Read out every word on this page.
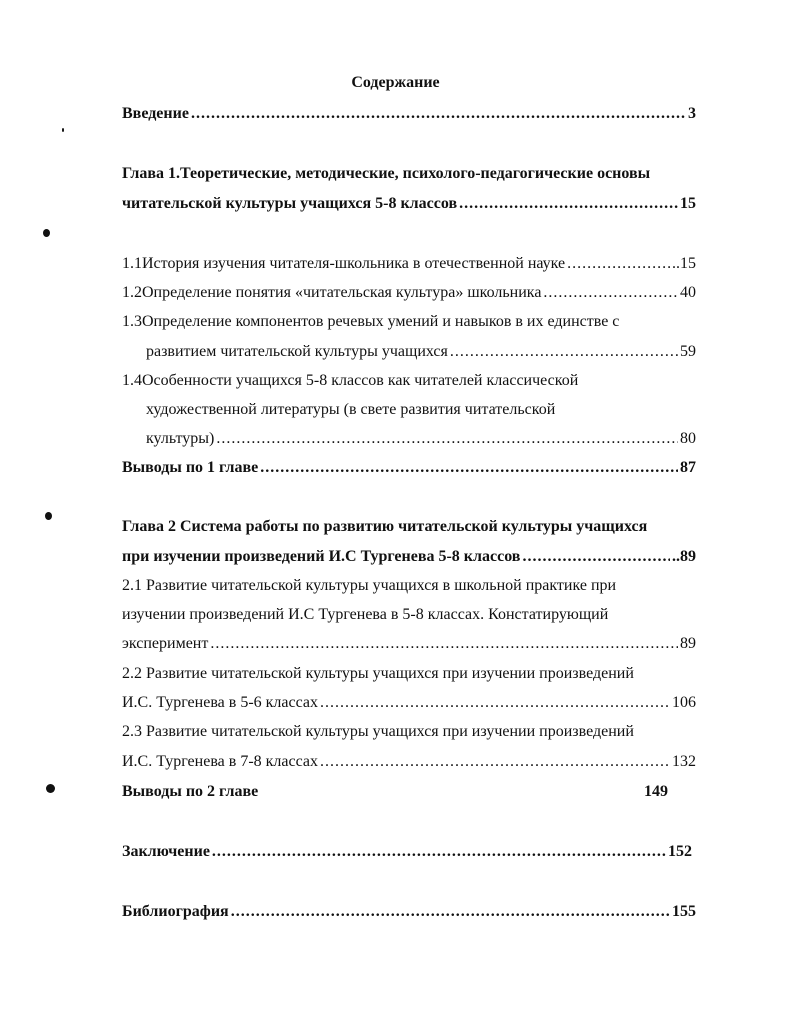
Содержание
Введение .....	3
Глава 1.Теоретические, методические, психолого-педагогические основы
читательской культуры учащихся 5-8 классов .....	15
1.1История изучения читателя-школьника в отечественной науке .....	..15
1.2Определение понятия «читательская культура» школьника .....	40
1.3Определение компонентов речевых умений и навыков в их единстве с
развитием читательской культуры учащихся .....	59
1.4Особенности учащихся 5-8 классов как читателей классической
художественной литературы (в свете развития читательской
культуры) .....	80
Выводы по 1 главе .....	87
Глава 2 Система работы по развитию читательской культуры учащихся
при изучении произведений И.С Тургенева 5-8 классов .....	..89
2.1 Развитие читательской культуры учащихся в школьной практике при
изучении произведений И.С Тургенева в 5-8 классах. Констатирующий
эксперимент .....	89
2.2 Развитие читательской культуры учащихся при изучении произведений
И.С. Тургенева в 5-6 классах .....	106
2.3 Развитие читательской культуры учащихся при изучении произведений
И.С. Тургенева в 7-8 классах .....	132
Выводы по 2 главе	149
Заключение .....	152
Библиография .....	155
